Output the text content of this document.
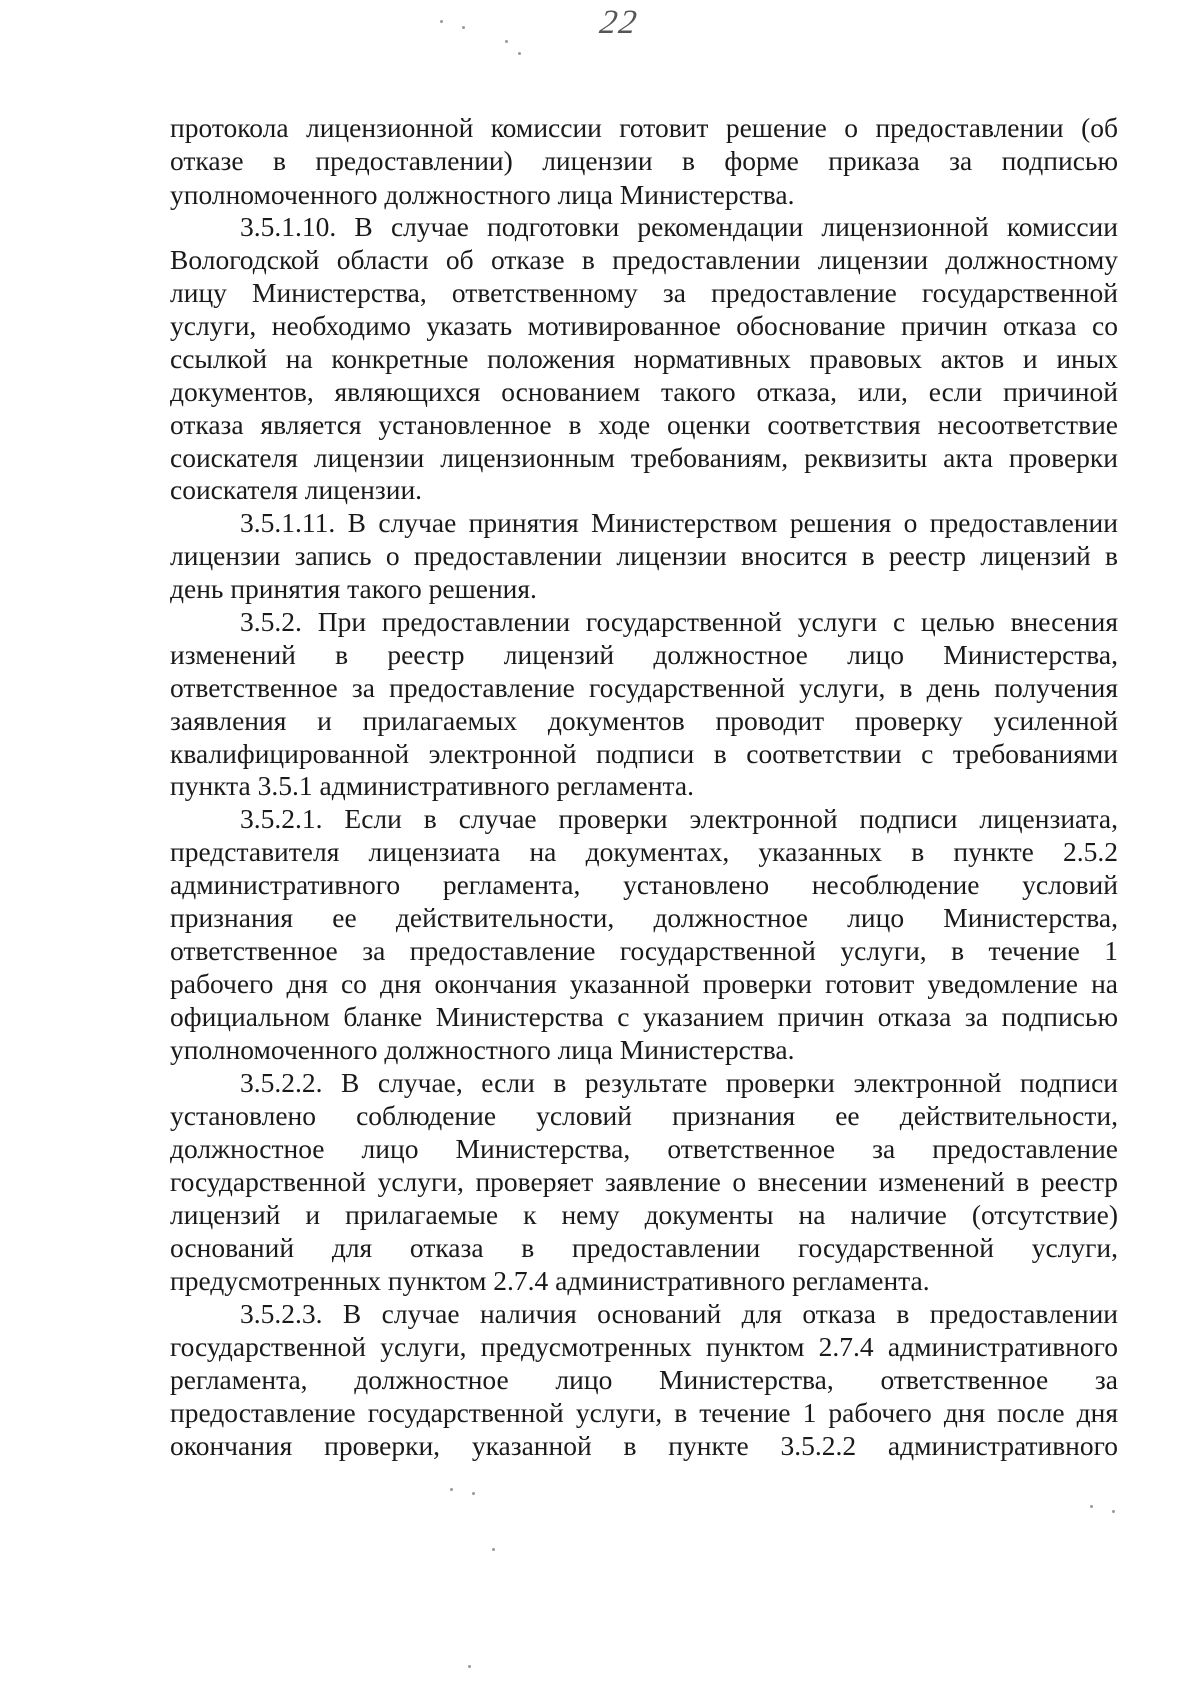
22
протокола лицензионной комиссии готовит решение о предоставлении (об
отказе в предоставлении) лицензии в форме приказа за подписью
уполномоченного должностного лица Министерства.
3.5.1.10. В случае подготовки рекомендации лицензионной комиссии
Вологодской области об отказе в предоставлении лицензии должностному
лицу Министерства, ответственному за предоставление государственной
услуги, необходимо указать мотивированное обоснование причин отказа со
ссылкой на конкретные положения нормативных правовых актов и иных
документов, являющихся основанием такого отказа, или, если причиной
отказа является установленное в ходе оценки соответствия несоответствие
соискателя лицензии лицензионным требованиям, реквизиты акта проверки
соискателя лицензии.
3.5.1.11. В случае принятия Министерством решения о предоставлении
лицензии запись о предоставлении лицензии вносится в реестр лицензий в
день принятия такого решения.
3.5.2. При предоставлении государственной услуги с целью внесения
изменений в реестр лицензий должностное лицо Министерства,
ответственное за предоставление государственной услуги, в день получения
заявления и прилагаемых документов проводит проверку усиленной
квалифицированной электронной подписи в соответствии с требованиями
пункта 3.5.1 административного регламента.
3.5.2.1. Если в случае проверки электронной подписи лицензиата,
представителя лицензиата на документах, указанных в пункте 2.5.2
административного регламента, установлено несоблюдение условий
признания ее действительности, должностное лицо Министерства,
ответственное за предоставление государственной услуги, в течение 1
рабочего дня со дня окончания указанной проверки готовит уведомление на
официальном бланке Министерства с указанием причин отказа за подписью
уполномоченного должностного лица Министерства.
3.5.2.2. В случае, если в результате проверки электронной подписи
установлено соблюдение условий признания ее действительности,
должностное лицо Министерства, ответственное за предоставление
государственной услуги, проверяет заявление о внесении изменений в реестр
лицензий и прилагаемые к нему документы на наличие (отсутствие)
оснований для отказа в предоставлении государственной услуги,
предусмотренных пунктом 2.7.4 административного регламента.
3.5.2.3. В случае наличия оснований для отказа в предоставлении
государственной услуги, предусмотренных пунктом 2.7.4 административного
регламента, должностное лицо Министерства, ответственное за
предоставление государственной услуги, в течение 1 рабочего дня после дня
окончания проверки, указанной в пункте 3.5.2.2 административного
